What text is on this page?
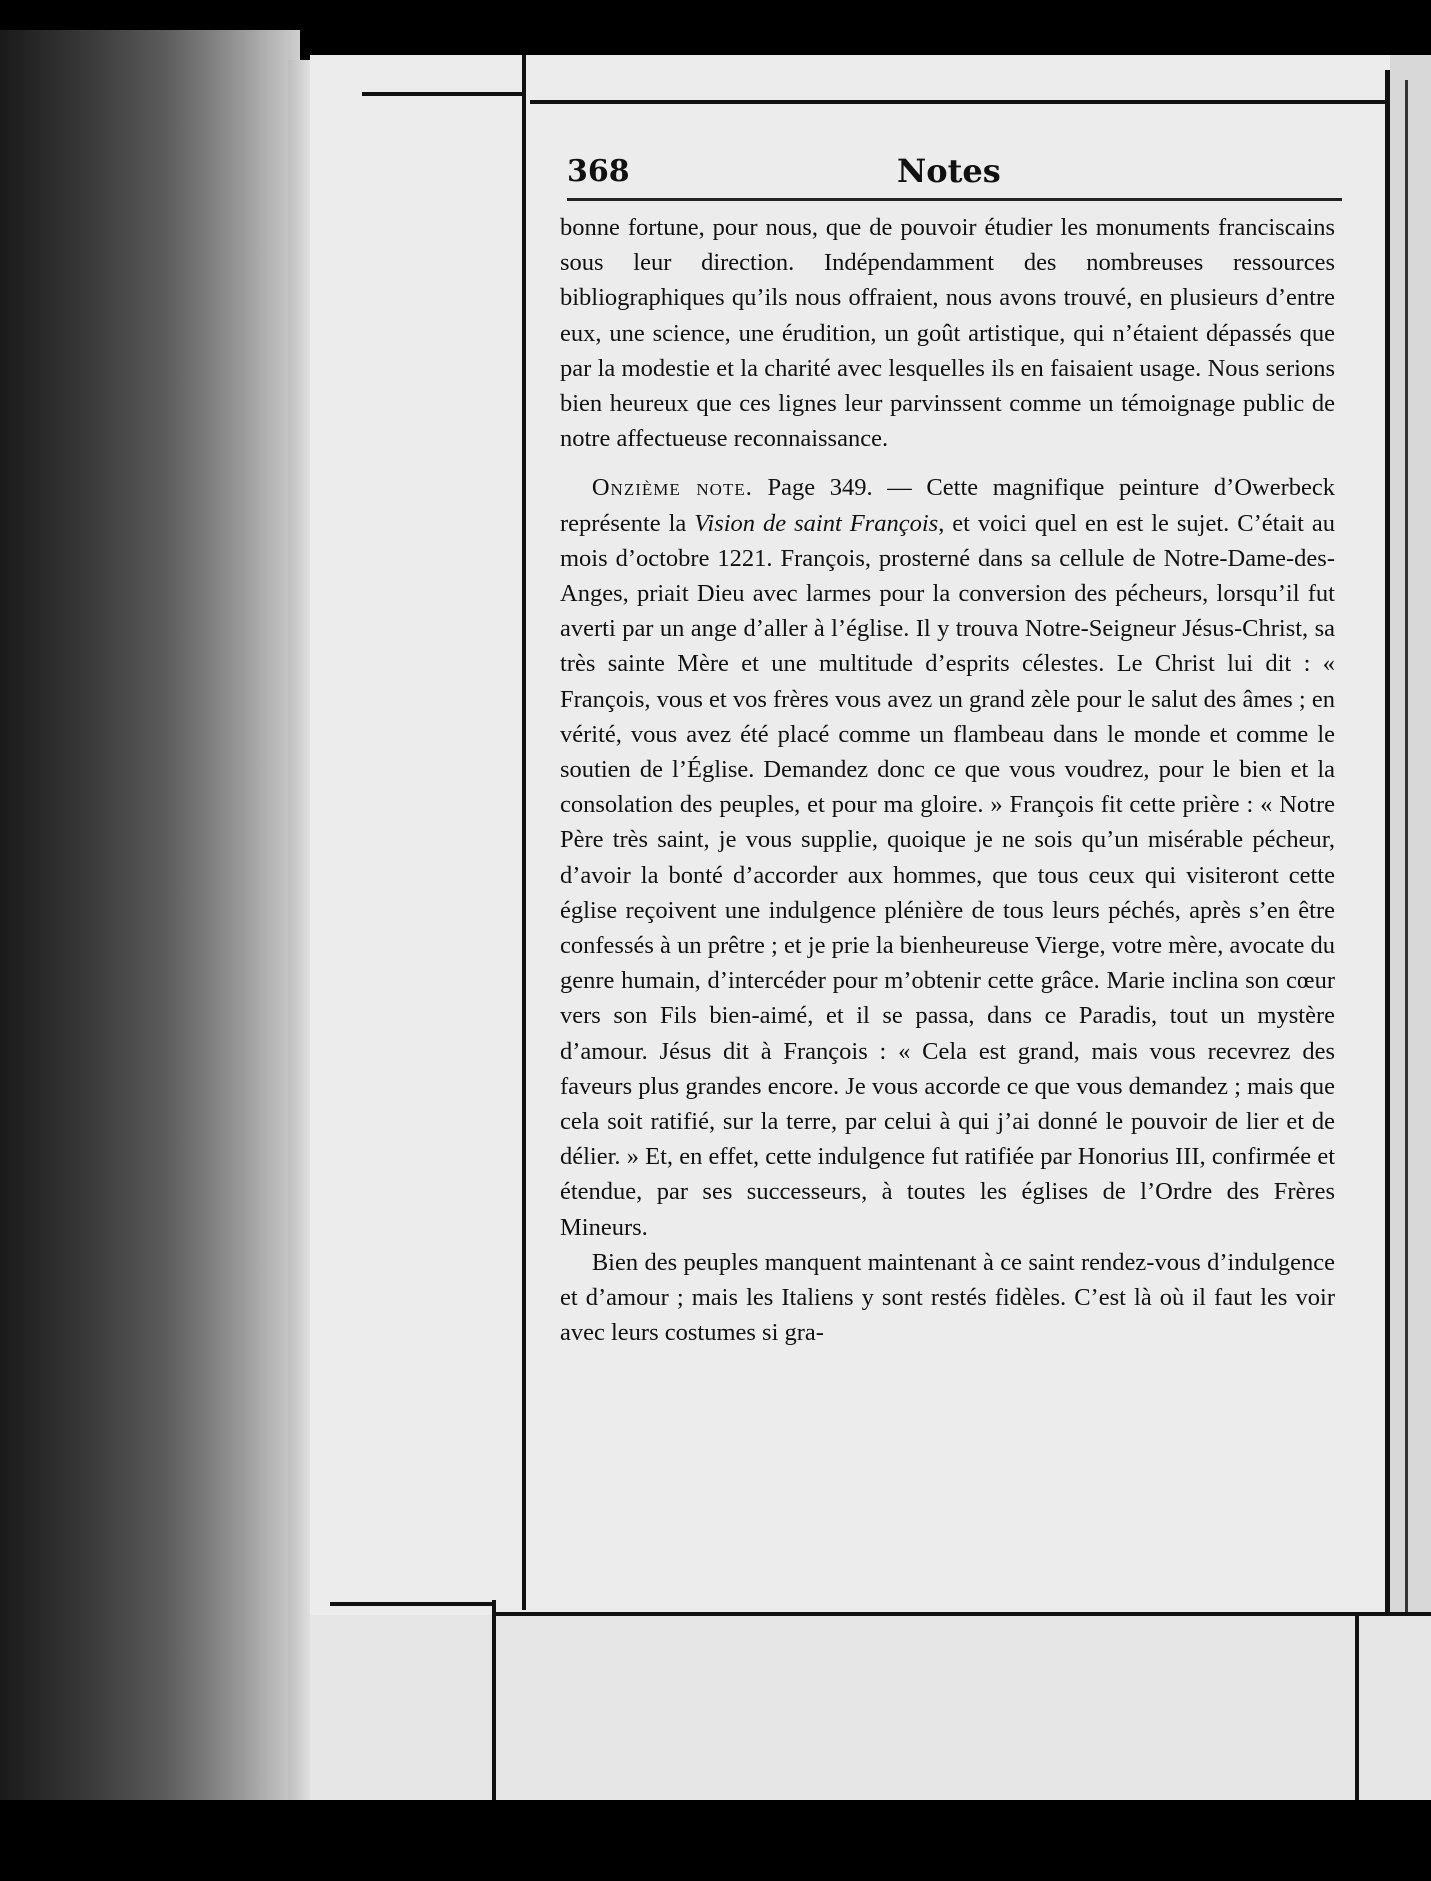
368	Notes

bonne fortune, pour nous, que de pouvoir étudier les monuments franciscains sous leur direction. Indépendamment des nombreuses ressources bibliographiques qu’ils nous offraient, nous avons trouvé, en plusieurs d’entre eux, une science, une érudition, un goût artistique, qui n’étaient dépassés que par la modestie et la charité avec lesquelles ils en faisaient usage. Nous serions bien heureux que ces lignes leur parvinssent comme un témoignage public de notre affectueuse reconnaissance.

Onzième note. Page 349. — Cette magnifique peinture d’Owerbeck représente la Vision de saint François, et voici quel en est le sujet. C’était au mois d’octobre 1221. François, prosterné dans sa cellule de Notre-Dame-des-Anges, priait Dieu avec larmes pour la conversion des pécheurs, lorsqu’il fut averti par un ange d’aller à l’église. Il y trouva Notre-Seigneur Jésus-Christ, sa très sainte Mère et une multitude d’esprits célestes. Le Christ lui dit : « François, vous et vos frères vous avez un grand zèle pour le salut des âmes ; en vérité, vous avez été placé comme un flambeau dans le monde et comme le soutien de l’Église. Demandez donc ce que vous voudrez, pour le bien et la consolation des peuples, et pour ma gloire. » François fit cette prière : « Notre Père très saint, je vous supplie, quoique je ne sois qu’un misérable pécheur, d’avoir la bonté d’accorder aux hommes, que tous ceux qui visiteront cette église reçoivent une indulgence plénière de tous leurs péchés, après s’en être confessés à un prêtre ; et je prie la bienheureuse Vierge, votre mère, avocate du genre humain, d’intercéder pour m’obtenir cette grâce. Marie inclina son cœur vers son Fils bien-aimé, et il se passa, dans ce Paradis, tout un mystère d’amour. Jésus dit à François : « Cela est grand, mais vous recevrez des faveurs plus grandes encore. Je vous accorde ce que vous demandez ; mais que cela soit ratifié, sur la terre, par celui à qui j’ai donné le pouvoir de lier et de délier. » Et, en effet, cette indulgence fut ratifiée par Honorius III, confirmée et étendue, par ses successeurs, à toutes les églises de l’Ordre des Frères Mineurs.

Bien des peuples manquent maintenant à ce saint rendez-vous d’indulgence et d’amour ; mais les Italiens y sont restés fidèles. C’est là où il faut les voir avec leurs costumes si gra-
